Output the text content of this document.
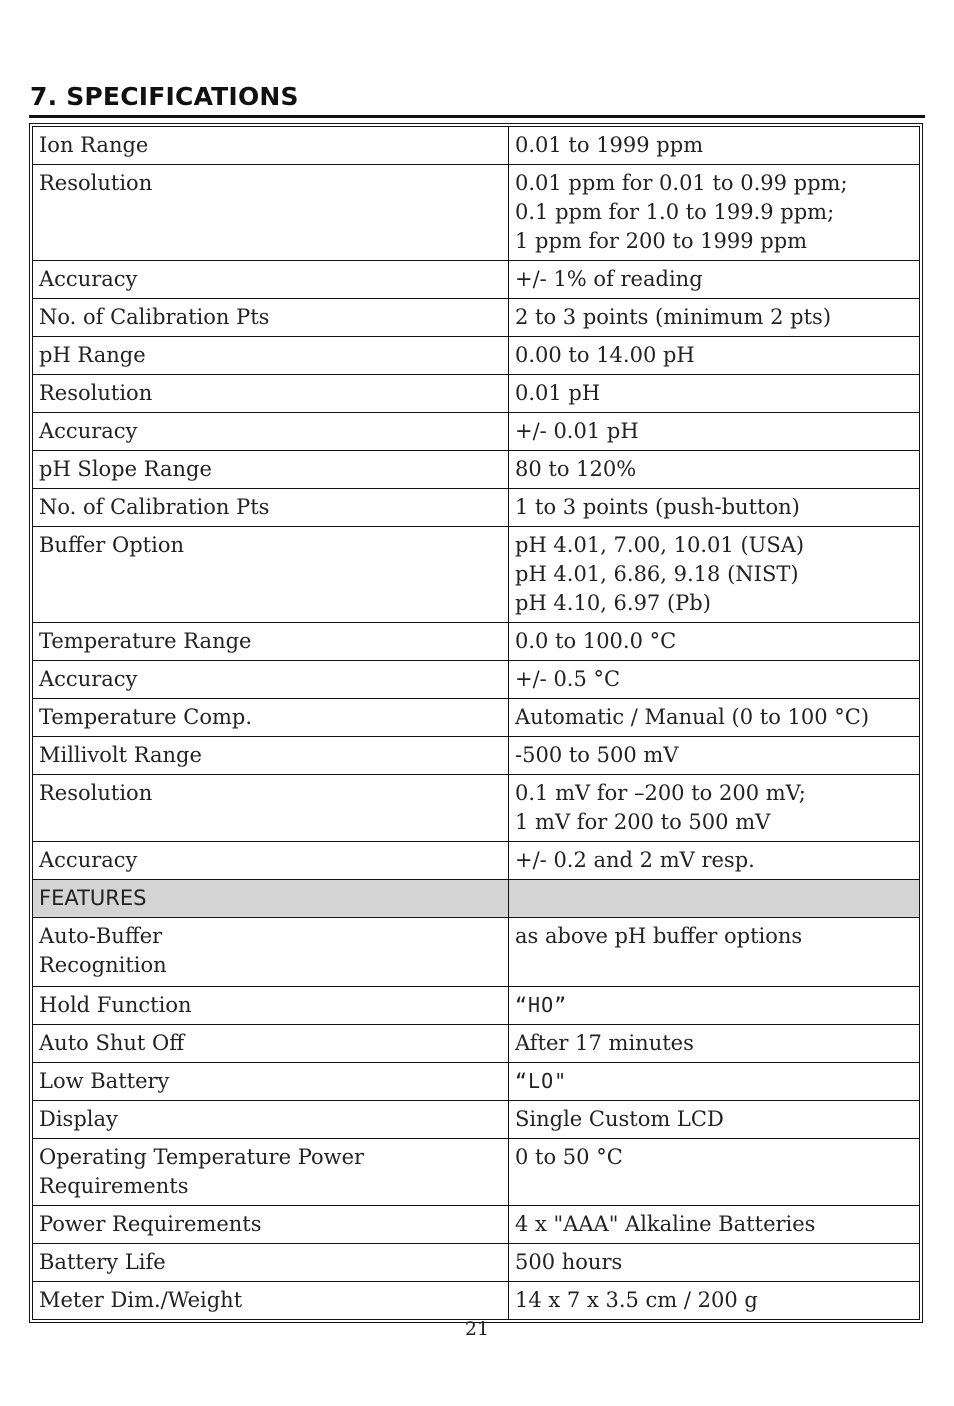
7. SPECIFICATIONS
Ion Range	0.01 to 1999 ppm
Resolution	0.01 ppm for 0.01 to 0.99 ppm;
0.1 ppm for 1.0 to 199.9 ppm;
1 ppm for 200 to 1999 ppm
Accuracy	+/- 1% of reading
No. of Calibration Pts	2 to 3 points (minimum 2 pts)
pH Range	0.00 to 14.00 pH
Resolution	0.01 pH
Accuracy	+/- 0.01 pH
pH Slope Range	80 to 120%
No. of Calibration Pts	1 to 3 points (push-button)
Buffer Option	pH 4.01, 7.00, 10.01 (USA)
pH 4.01, 6.86, 9.18 (NIST)
pH 4.10, 6.97 (Pb)
Temperature Range	0.0 to 100.0 °C
Accuracy	+/- 0.5 °C
Temperature Comp.	Automatic / Manual (0 to 100 °C)
Millivolt Range	-500 to 500 mV
Resolution	0.1 mV for –200 to 200 mV;
1 mV for 200 to 500 mV
Accuracy	+/- 0.2 and 2 mV resp.
FEATURES	
Auto-Buffer
Recognition	as above pH buffer options
Hold Function	“HO”
Auto Shut Off	After 17 minutes
Low Battery	“LO"
Display	Single Custom LCD
Operating Temperature Power Requirements	0 to 50 °C
Power Requirements	4 x "AAA" Alkaline Batteries
Battery Life	500 hours
Meter Dim./Weight	14 x 7 x 3.5 cm / 200 g
21
